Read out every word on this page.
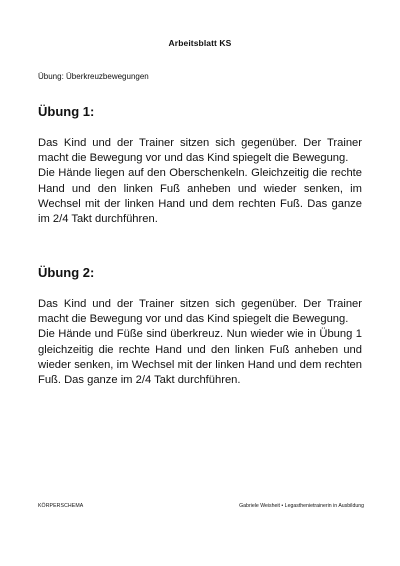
Arbeitsblatt KS
Übung: Überkreuzbewegungen
Übung 1:

Das Kind und der Trainer sitzen sich gegenüber. Der Trainer macht die Bewegung vor und das Kind spiegelt die Bewegung.

Die Hände liegen auf den Oberschenkeln. Gleichzeitig die rechte Hand und den linken Fuß anheben und wieder senken, im Wechsel mit der linken Hand und dem rechten Fuß. Das ganze im 2/4 Takt durchführen.

Übung 2:

Das Kind und der Trainer sitzen sich gegenüber. Der Trainer macht die Bewegung vor und das Kind spiegelt die Bewegung.

Die Hände und Füße sind überkreuz. Nun wieder wie in Übung 1 gleichzeitig die rechte Hand und den linken Fuß anheben und wieder senken, im Wechsel mit der linken Hand und dem rechten Fuß. Das ganze im 2/4 Takt durchführen.

KÖRPERSCHEMA	Gabriele Weisheit • Legasthenietrainerin in Ausbildung
